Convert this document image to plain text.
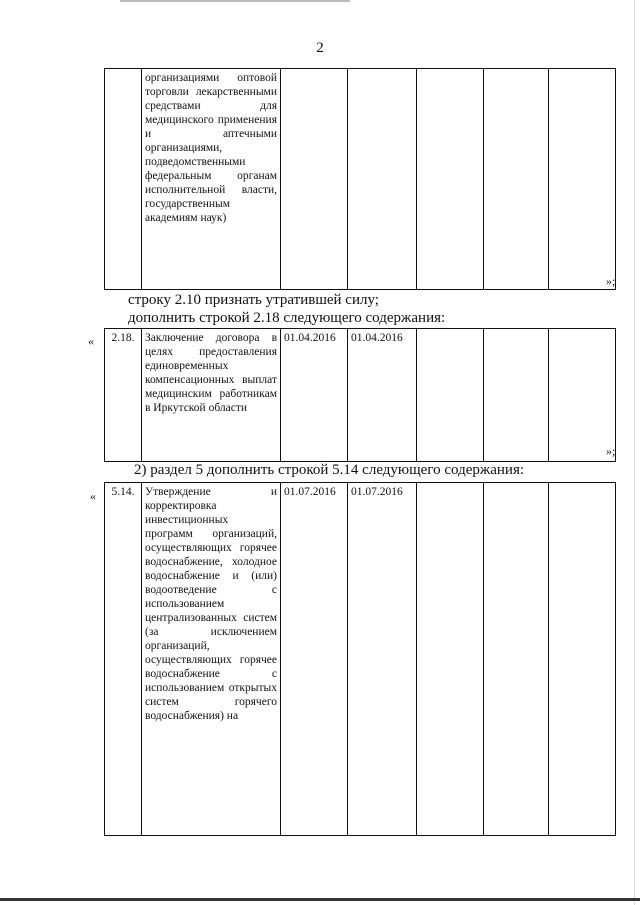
2
	организациями оптовой торговли лекарственными средствами для медицинского применения и аптечными организациями, подведомственными федеральным органам исполнительной власти, государственным академиям наук)					
»;
строку 2.10 признать утратившей силу;
дополнить строкой 2.18 следующего содержания:
« 2.18.	Заключение договора в целях предоставления единовременных компенсационных выплат медицинским работникам в Иркутской области	01.04.2016	01.04.2016			
»;
2) раздел 5 дополнить строкой 5.14 следующего содержания:
« 5.14.	Утверждение и корректировка инвестиционных программ организаций, осуществляющих горячее водоснабжение, холодное водоснабжение и (или) водоотведение с использованием централизованных систем (за исключением организаций, осуществляющих горячее водоснабжение с использованием открытых систем горячего водоснабжения) на	01.07.2016	01.07.2016			
